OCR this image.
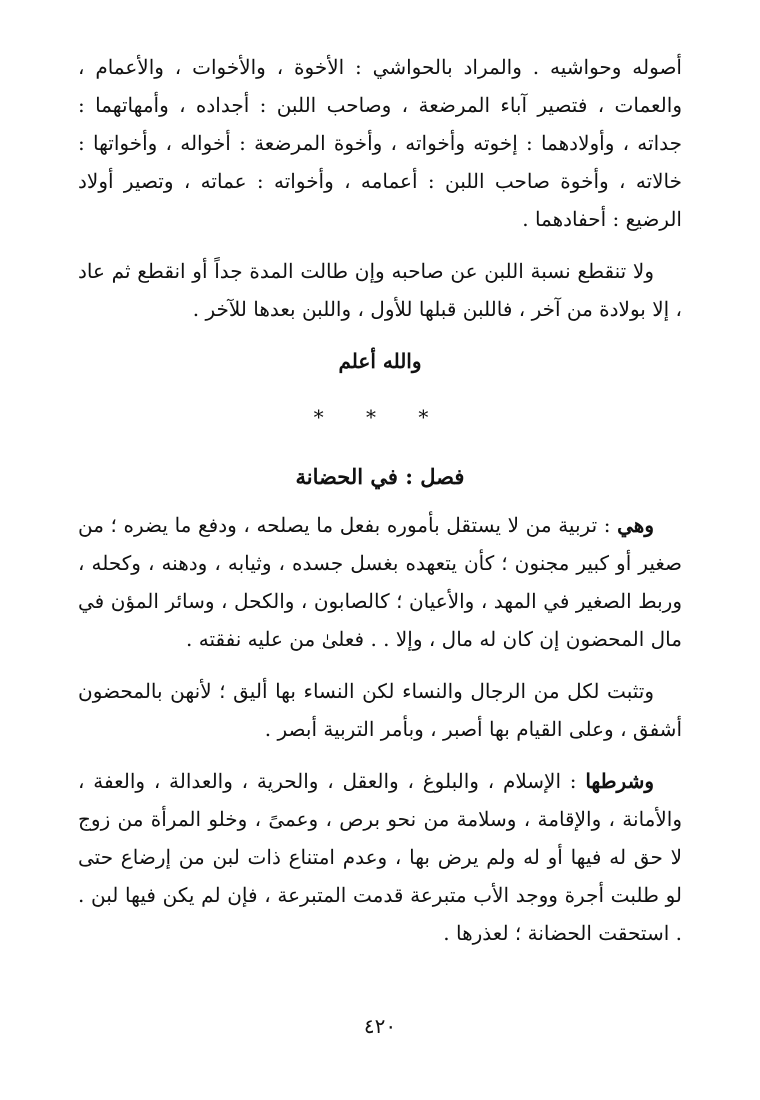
أصوله وحواشيه . والمراد بالحواشي : الأخوة ، والأخوات ، والأعمام ، والعمات ، فتصير آباء المرضعة ، وصاحب اللبن : أجداده ، وأمهاتهما : جداته ، وأولادهما : إخوته وأخواته ، وأخوة المرضعة : أخواله ، وأخواتها : خالاته ، وأخوة صاحب اللبن : أعمامه ، وأخواته : عماته ، وتصير أولاد الرضيع : أحفادهما .

ولا تنقطع نسبة اللبن عن صاحبه وإن طالت المدة جداً أو انقطع ثم عاد ، إلا بولادة من آخر ، فاللبن قبلها للأول ، واللبن بعدها للآخر .

والله أعلم

* * *

فصل : في الحضانة

وهي : تربية من لا يستقل بأموره بفعل ما يصلحه ، ودفع ما يضره ؛ من صغير أو كبير مجنون ؛ كأن يتعهده بغسل جسده ، وثيابه ، ودهنه ، وكحله ، وربط الصغير في المهد ، والأعيان ؛ كالصابون ، والكحل ، وسائر المؤن في مال المحضون إن كان له مال ، وإلا . . فعلىٰ من عليه نفقته .

وتثبت لكل من الرجال والنساء لكن النساء بها أليق ؛ لأنهن بالمحضون أشفق ، وعلى القيام بها أصبر ، وبأمر التربية أبصر .

وشرطها : الإسلام ، والبلوغ ، والعقل ، والحرية ، والعدالة ، والعفة ، والأمانة ، والإقامة ، وسلامة من نحو برص ، وعمىً ، وخلو المرأة من زوج لا حق له فيها أو له ولم يرض بها ، وعدم امتناع ذات لبن من إرضاع حتى لو طلبت أجرة ووجد الأب متبرعة قدمت المتبرعة ، فإن لم يكن فيها لبن . . استحقت الحضانة ؛ لعذرها .

٤٢٠
